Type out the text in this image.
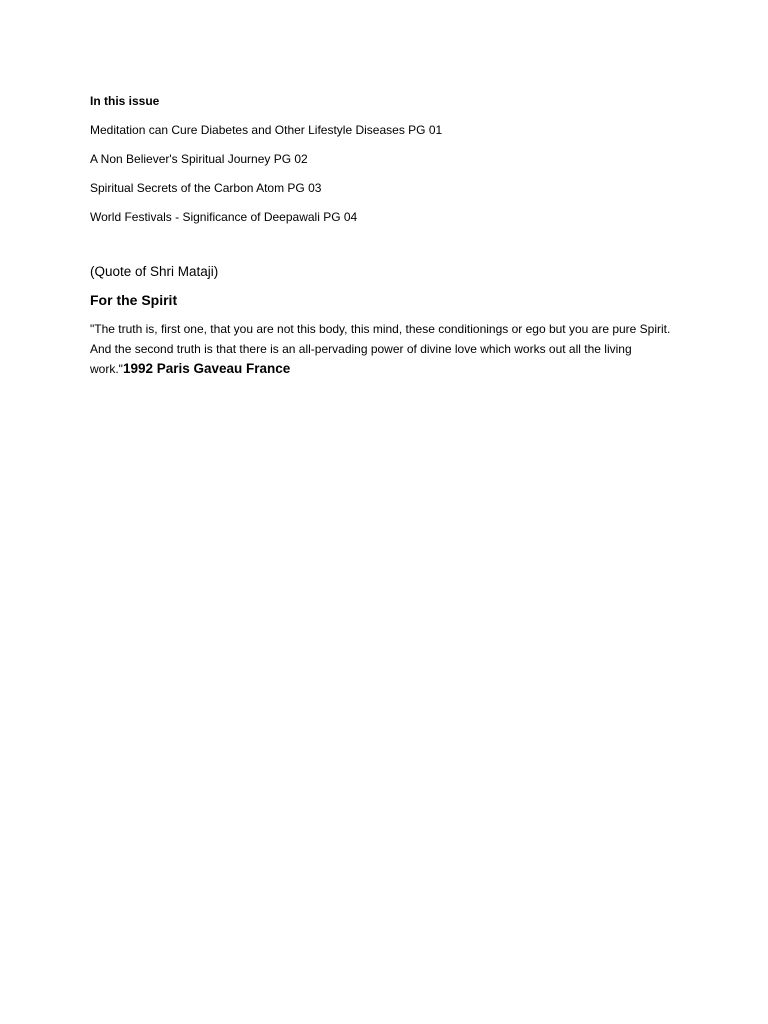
In this issue
Meditation can Cure Diabetes and Other Lifestyle Diseases PG 01
A Non Believer's Spiritual Journey PG 02
Spiritual Secrets of the Carbon Atom PG 03
World Festivals - Significance of Deepawali PG 04
(Quote of Shri Mataji)
For the Spirit

"The truth is, first one, that you are not this body, this mind, these conditionings or ego but you are pure Spirit. And the second truth is that there is an all-pervading power of divine love which works out all the living work."1992 Paris Gaveau France
